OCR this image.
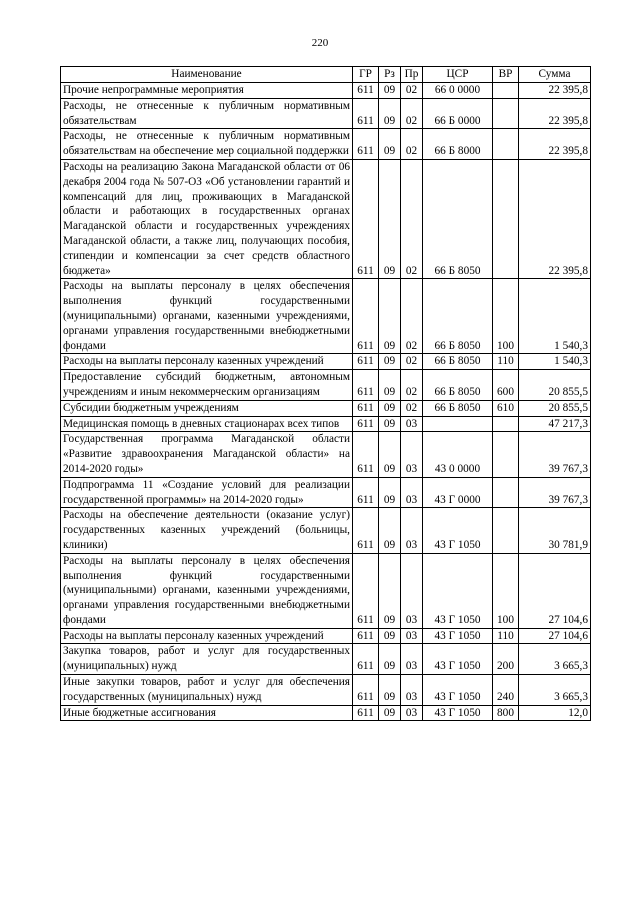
220
Наименование	ГР	Рз	Пр	ЦСР	ВР	Сумма
Прочие непрограммные мероприятия	611	09	02	66 0 0000		22 395,8
Расходы, не отнесенные к публичным нормативным обязательствам	611	09	02	66 Б 0000		22 395,8
Расходы, не отнесенные к публичным нормативным обязательствам на обеспечение мер социальной поддержки	611	09	02	66 Б 8000		22 395,8
Расходы на реализацию Закона Магаданской области от 06 декабря 2004 года № 507-ОЗ «Об установлении гарантий и компенсаций для лиц, проживающих в Магаданской области и работающих в государственных органах Магаданской области и государственных учреждениях Магаданской области, а также лиц, получающих пособия, стипендии и компенсации за счет средств областного бюджета»	611	09	02	66 Б 8050		22 395,8
Расходы на выплаты персоналу в целях обеспечения выполнения функций государственными (муниципальными) органами, казенными учреждениями, органами управления государственными внебюджетными фондами	611	09	02	66 Б 8050	100	1 540,3
Расходы на выплаты персоналу казенных учреждений	611	09	02	66 Б 8050	110	1 540,3
Предоставление субсидий бюджетным, автономным учреждениям и иным некоммерческим организациям	611	09	02	66 Б 8050	600	20 855,5
Субсидии бюджетным учреждениям	611	09	02	66 Б 8050	610	20 855,5
Медицинская помощь в дневных стационарах всех типов	611	09	03			47 217,3
Государственная программа Магаданской области «Развитие здравоохранения Магаданской области» на 2014-2020 годы»	611	09	03	43 0 0000		39 767,3
Подпрограмма 11 «Создание условий для реализации государственной программы» на 2014-2020 годы»	611	09	03	43 Г 0000		39 767,3
Расходы на обеспечение деятельности (оказание услуг) государственных казенных учреждений (больницы, клиники)	611	09	03	43 Г 1050		30 781,9
Расходы на выплаты персоналу в целях обеспечения выполнения функций государственными (муниципальными) органами, казенными учреждениями, органами управления государственными внебюджетными фондами	611	09	03	43 Г 1050	100	27 104,6
Расходы на выплаты персоналу казенных учреждений	611	09	03	43 Г 1050	110	27 104,6
Закупка товаров, работ и услуг для государственных (муниципальных) нужд	611	09	03	43 Г 1050	200	3 665,3
Иные закупки товаров, работ и услуг для обеспечения государственных (муниципальных) нужд	611	09	03	43 Г 1050	240	3 665,3
Иные бюджетные ассигнования	611	09	03	43 Г 1050	800	12,0
